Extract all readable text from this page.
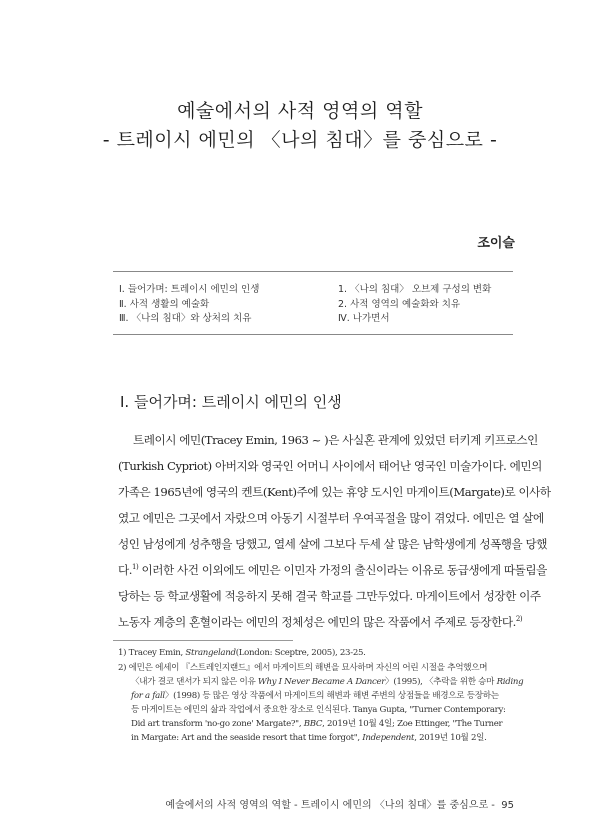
예술에서의 사적 영역의 역할
- 트레이시 에민의 〈나의 침대〉를 중심으로 -
조이슬
Ⅰ. 들어가며: 트레이시 에민의 인생
Ⅱ. 사적 생활의 예술화
Ⅲ. 〈나의 침대〉와 상처의 치유
1. 〈나의 침대〉 오브제 구성의 변화
2. 사적 영역의 예술화와 치유
Ⅳ. 나가면서
Ⅰ. 들어가며: 트레이시 에민의 인생
트레이시 에민(Tracey Emin, 1963 ~ )은 사실혼 관계에 있었던 터키계 키프로스인
(Turkish Cypriot) 아버지와 영국인 어머니 사이에서 태어난 영국인 미술가이다. 에민의
가족은 1965년에 영국의 켄트(Kent)주에 있는 휴양 도시인 마게이트(Margate)로 이사하
였고 에민은 그곳에서 자랐으며 아동기 시절부터 우여곡절을 많이 겪었다. 에민은 열 살에
성인 남성에게 성추행을 당했고, 열세 살에 그보다 두세 살 많은 남학생에게 성폭행을 당했
다.$^{1)}$ 이러한 사건 이외에도 에민은 이민자 가정의 출신이라는 이유로 동급생에게 따돌림을
당하는 등 학교생활에 적응하지 못해 결국 학교를 그만두었다. 마게이트에서 성장한 이주
노동자 계층의 혼혈이라는 에민의 정체성은 에민의 많은 작품에서 주제로 등장한다.$^{2)}$
1) Tracey Emin, Strangeland(London: Sceptre, 2005), 23-25.
2) 에민은 에세이 『스트레인지랜드』에서 마게이트의 해변을 묘사하며 자신의 어린 시절을 추억했으며
〈내가 결코 댄서가 되지 않은 이유 Why I Never Became A Dancer〉(1995), 〈추락을 위한 승마 Riding
for a fall〉(1998) 등 많은 영상 작품에서 마게이트의 해변과 해변 주변의 상점들을 배경으로 등장하는
등 마게이트는 에민의 삶과 작업에서 중요한 장소로 인식된다. Tanya Gupta, "Turner Contemporary:
Did art transform 'no-go zone' Margate?", BBC, 2019년 10월 4일; Zoe Ettinger, "The Turner
in Margate: Art and the seaside resort that time forgot", Independent, 2019년 10월 2일.
예술에서의 사적 영역의 역할 - 트레이시 에민의 〈나의 침대〉를 중심으로 - 95
